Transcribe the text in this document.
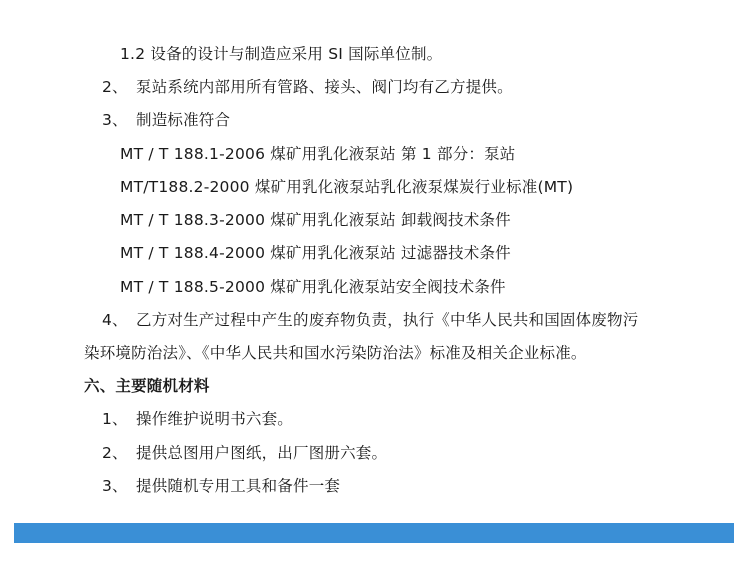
1.2 设备的设计与制造应采用 SI 国际单位制。
2、 泵站系统内部用所有管路、接头、阀门均有乙方提供。
3、 制造标准符合
MT / T 188.1-2006 煤矿用乳化液泵站 第 1 部分：泵站
MT/T188.2-2000 煤矿用乳化液泵站乳化液泵煤炭行业标准(MT)
MT / T 188.3-2000 煤矿用乳化液泵站 卸载阀技术条件
MT / T 188.4-2000 煤矿用乳化液泵站 过滤器技术条件
MT / T 188.5-2000 煤矿用乳化液泵站安全阀技术条件
4、 乙方对生产过程中产生的废弃物负责，执行《中华人民共和国固体废物污
染环境防治法》、《中华人民共和国水污染防治法》标准及相关企业标准。
六、主要随机材料
1、 操作维护说明书六套。
2、 提供总图用户图纸，出厂图册六套。
3、 提供随机专用工具和备件一套
